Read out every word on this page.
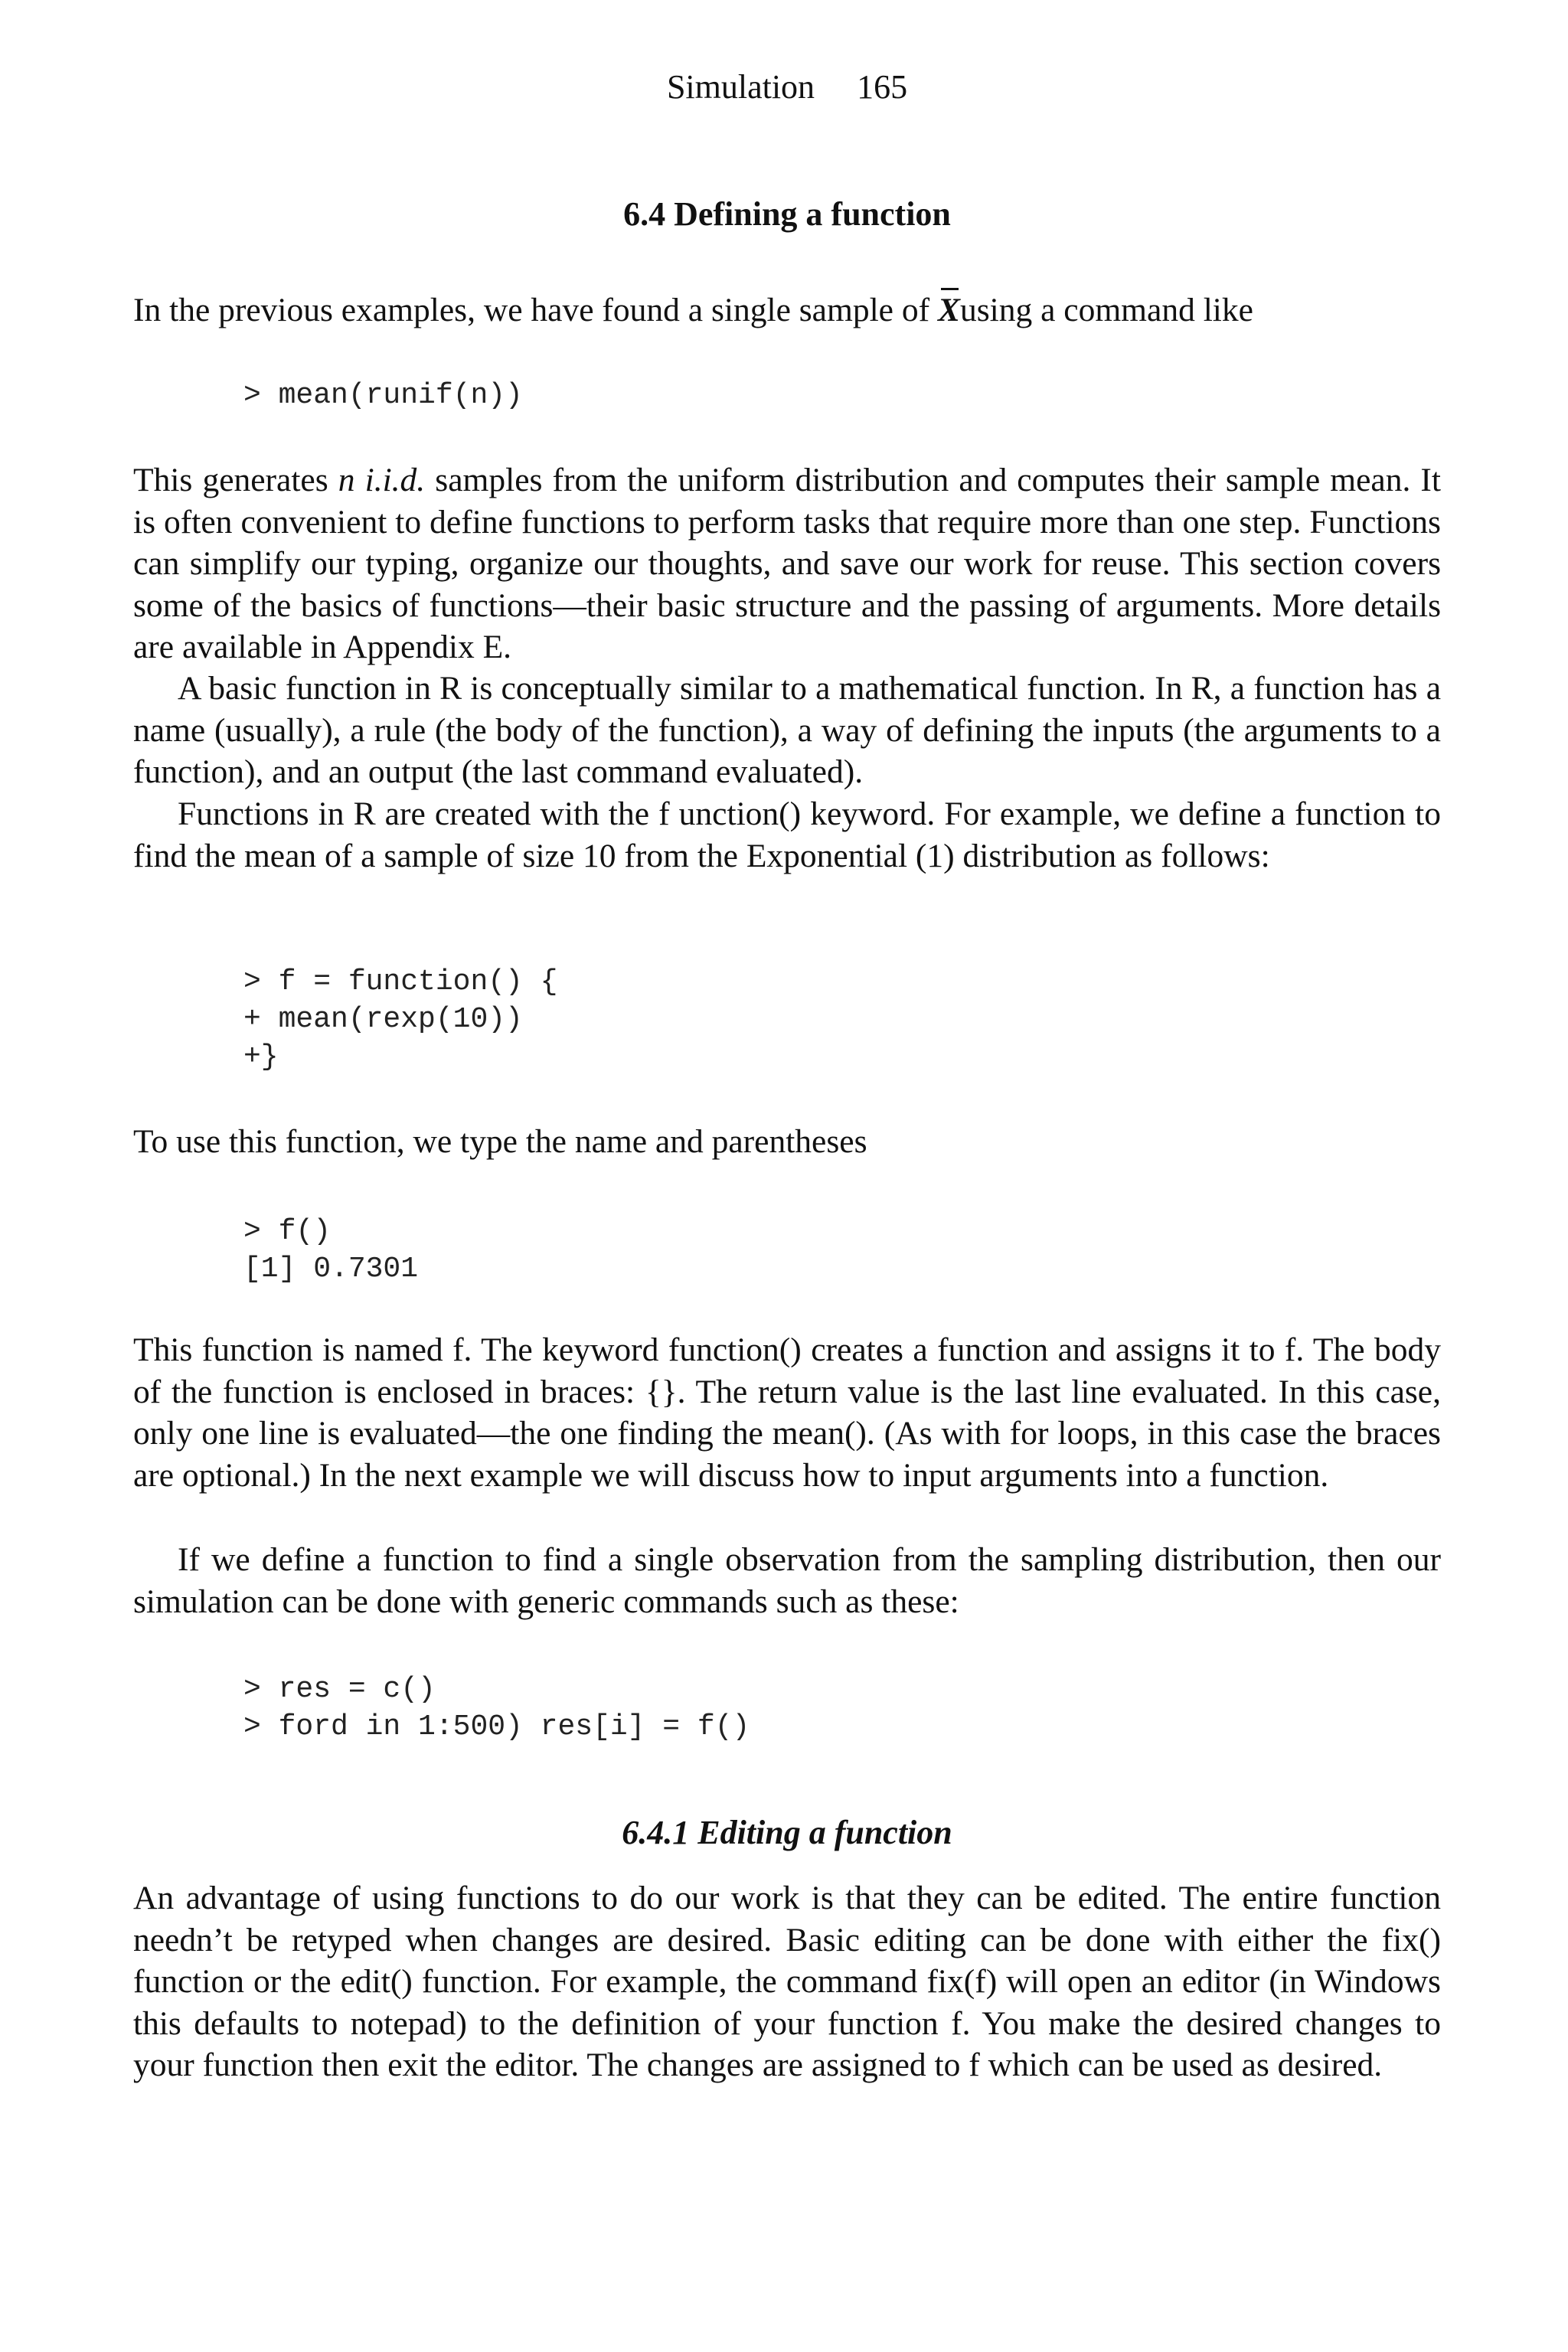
Simulation 165
6.4 Defining a function

In the previous examples, we have found a single sample of Xusing a command like

> mean(runif(n))

This generates n i.i.d. samples from the uniform distribution and computes their sample mean. It is often convenient to define functions to perform tasks that require more than one step. Functions can simplify our typing, organize our thoughts, and save our work for reuse. This section covers some of the basics of functions—their basic structure and the passing of arguments. More details are available in Appendix E.

A basic function in R is conceptually similar to a mathematical function. In R, a function has a name (usually), a rule (the body of the function), a way of defining the inputs (the arguments to a function), and an output (the last command evaluated).

Functions in R are created with the f unction() keyword. For example, we define a function to find the mean of a sample of size 10 from the Exponential (1) distribution as follows:

> f = function() {
+ mean(rexp(10))
+}

To use this function, we type the name and parentheses

> f()
[1] 0.7301

This function is named f. The keyword function() creates a function and assigns it to f. The body of the function is enclosed in braces: {}. The return value is the last line evaluated. In this case, only one line is evaluated—the one finding the mean(). (As with for loops, in this case the braces are optional.) In the next example we will discuss how to input arguments into a function.

If we define a function to find a single observation from the sampling distribution, then our simulation can be done with generic commands such as these:

> res = c()
> ford in 1:500) res[i] = f()
6.4.1 Editing a function

An advantage of using functions to do our work is that they can be edited. The entire function needn’t be retyped when changes are desired. Basic editing can be done with either the fix() function or the edit() function. For example, the command fix(f) will open an editor (in Windows this defaults to notepad) to the definition of your function f. You make the desired changes to your function then exit the editor. The changes are assigned to f which can be used as desired.
